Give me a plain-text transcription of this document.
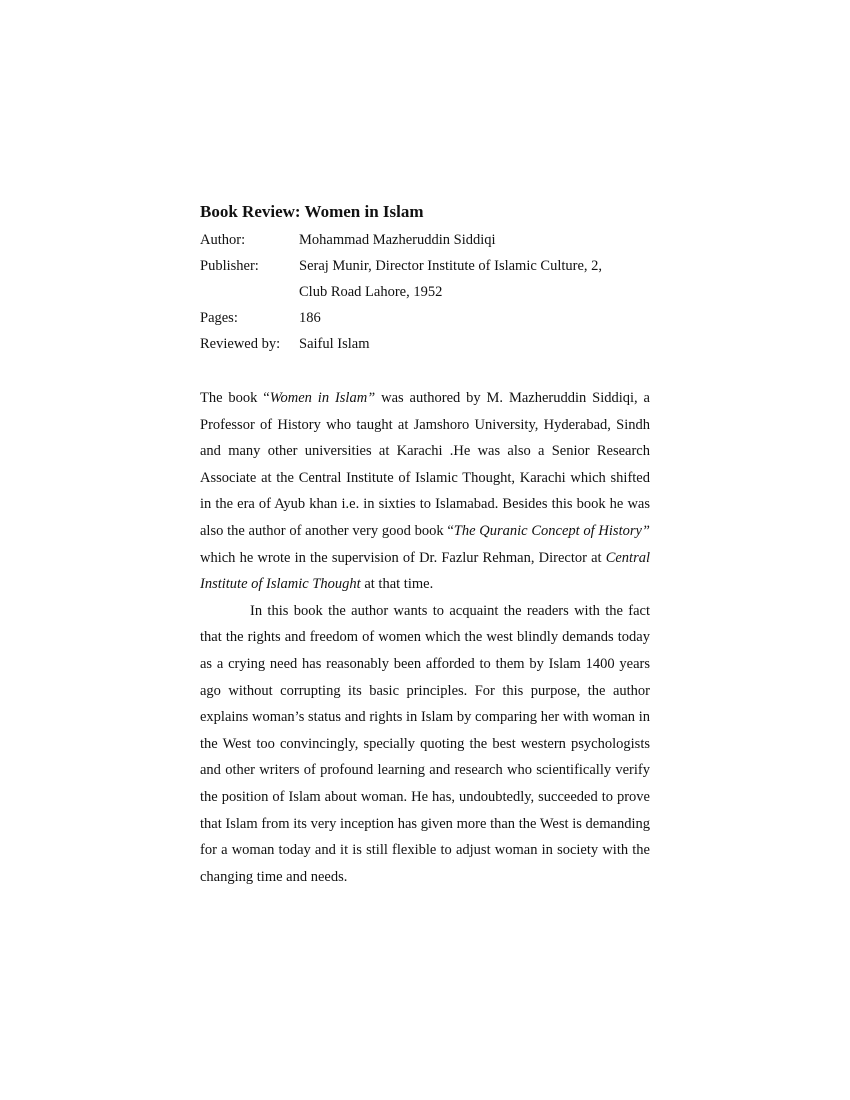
Book Review: Women in Islam
Author:	Mohammad Mazheruddin Siddiqi
Publisher:	Seraj Munir, Director Institute of Islamic Culture, 2,
Club Road Lahore, 1952
Pages:	186
Reviewed by:	Saiful Islam

The book “Women in Islam” was authored by M. Mazheruddin Siddiqi, a Professor of History who taught at Jamshoro University, Hyderabad, Sindh and many other universities at Karachi .He was also a Senior Research Associate at the Central Institute of Islamic Thought, Karachi which shifted in the era of Ayub khan i.e. in sixties to Islamabad. Besides this book he was also the author of another very good book “The Quranic Concept of History” which he wrote in the supervision of Dr. Fazlur Rehman, Director at Central Institute of Islamic Thought at that time.

In this book the author wants to acquaint the readers with the fact that the rights and freedom of women which the west blindly demands today as a crying need has reasonably been afforded to them by Islam 1400 years ago without corrupting its basic principles. For this purpose, the author explains woman’s status and rights in Islam by comparing her with woman in the West too convincingly, specially quoting the best western psychologists and other writers of profound learning and research who scientifically verify the position of Islam about woman. He has, undoubtedly, succeeded to prove that Islam from its very inception has given more than the West is demanding for a woman today and it is still flexible to adjust woman in society with the changing time and needs.
